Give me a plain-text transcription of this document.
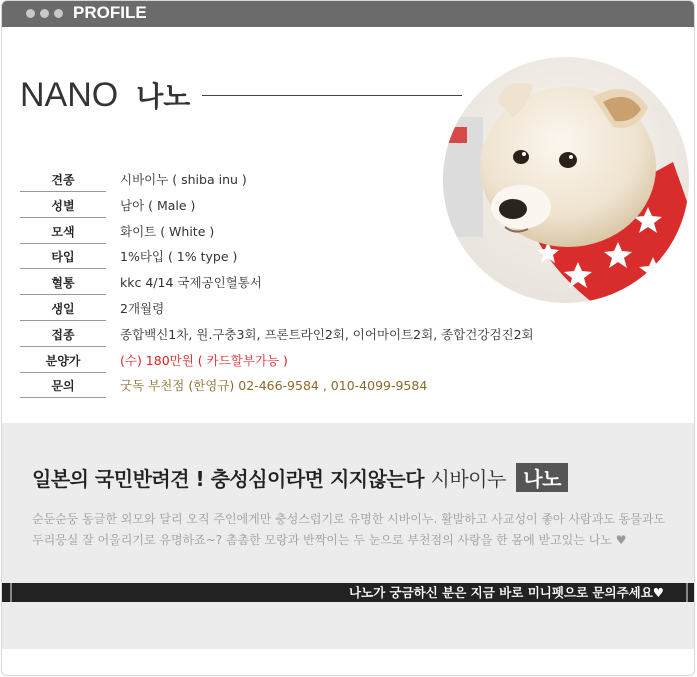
PROFILE
NANO 나노
견종	시바이누 ( shiba inu )
성별	남아 ( Male )
모색	화이트 ( White )
타입	1%타입 ( 1% type )
혈통	kkc 4/14 국제공인혈통서
생일	2개월령
접종	종합백신1차, 원.구충3회, 프론트라인2회, 이어마이트2회, 종합건강검진2회
분양가	(수) 180만원 ( 카드할부가능 )
문의	굿독 부천점 (한영규) 02-466-9584 , 010-4099-9584
일본의 국민반려견 ! 충성심이라면 지지않는다 시바이누 나노
순둔순둥 동글한 외모와 달리 오직 주인에게만 충성스럽기로 유명한 시바이누. 활발하고 사교성이 좋아 사람과도 동물과도 두리뭉실 잘 어울리기로 유명하죠~? 촘촘한 모랑과 반짝이는 두 눈으로 부천점의 사랑을 한 몸에 받고있는 나노 ♥
나노가 궁금하신 분은 지금 바로 미니펫으로 문의주세요♥
